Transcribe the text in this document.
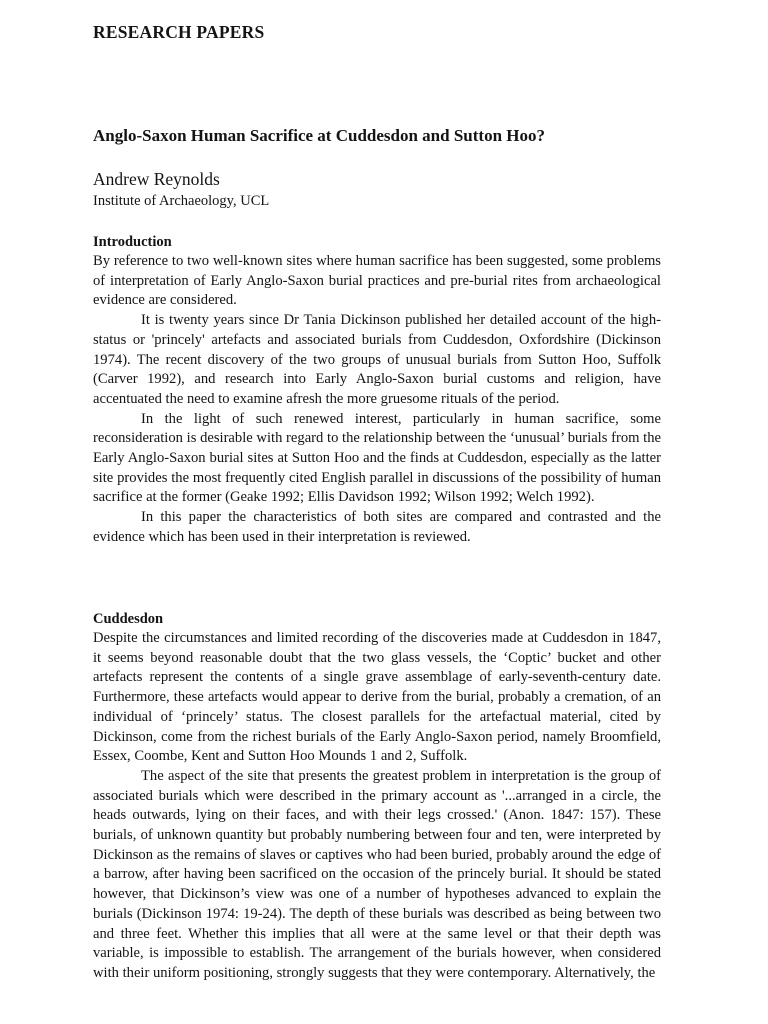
RESEARCH PAPERS
Anglo-Saxon Human Sacrifice at Cuddesdon and Sutton Hoo?

Andrew Reynolds

Institute of Archaeology, UCL

Introduction

By reference to two well-known sites where human sacrifice has been suggested, some problems of interpretation of Early Anglo-Saxon burial practices and pre-burial rites from archaeological evidence are considered.

It is twenty years since Dr Tania Dickinson published her detailed account of the high-status or 'princely' artefacts and associated burials from Cuddesdon, Oxfordshire (Dickinson 1974). The recent discovery of the two groups of unusual burials from Sutton Hoo, Suffolk (Carver 1992), and research into Early Anglo-Saxon burial customs and religion, have accentuated the need to examine afresh the more gruesome rituals of the period.

In the light of such renewed interest, particularly in human sacrifice, some reconsideration is desirable with regard to the relationship between the ‘unusual’ burials from the Early Anglo-Saxon burial sites at Sutton Hoo and the finds at Cuddesdon, especially as the latter site provides the most frequently cited English parallel in discussions of the possibility of human sacrifice at the former (Geake 1992; Ellis Davidson 1992; Wilson 1992; Welch 1992).

In this paper the characteristics of both sites are compared and contrasted and the evidence which has been used in their interpretation is reviewed.

Cuddesdon

Despite the circumstances and limited recording of the discoveries made at Cuddesdon in 1847, it seems beyond reasonable doubt that the two glass vessels, the ‘Coptic’ bucket and other artefacts represent the contents of a single grave assemblage of early-seventh-century date. Furthermore, these artefacts would appear to derive from the burial, probably a cremation, of an individual of ‘princely’ status. The closest parallels for the artefactual material, cited by Dickinson, come from the richest burials of the Early Anglo-Saxon period, namely Broomfield, Essex, Coombe, Kent and Sutton Hoo Mounds 1 and 2, Suffolk.

The aspect of the site that presents the greatest problem in interpretation is the group of associated burials which were described in the primary account as '...arranged in a circle, the heads outwards, lying on their faces, and with their legs crossed.' (Anon. 1847: 157). These burials, of unknown quantity but probably numbering between four and ten, were interpreted by Dickinson as the remains of slaves or captives who had been buried, probably around the edge of a barrow, after having been sacrificed on the occasion of the princely burial. It should be stated however, that Dickinson’s view was one of a number of hypotheses advanced to explain the burials (Dickinson 1974: 19-24). The depth of these burials was described as being between two and three feet. Whether this implies that all were at the same level or that their depth was variable, is impossible to establish. The arrangement of the burials however, when considered with their uniform positioning, strongly suggests that they were contemporary. Alternatively, the
